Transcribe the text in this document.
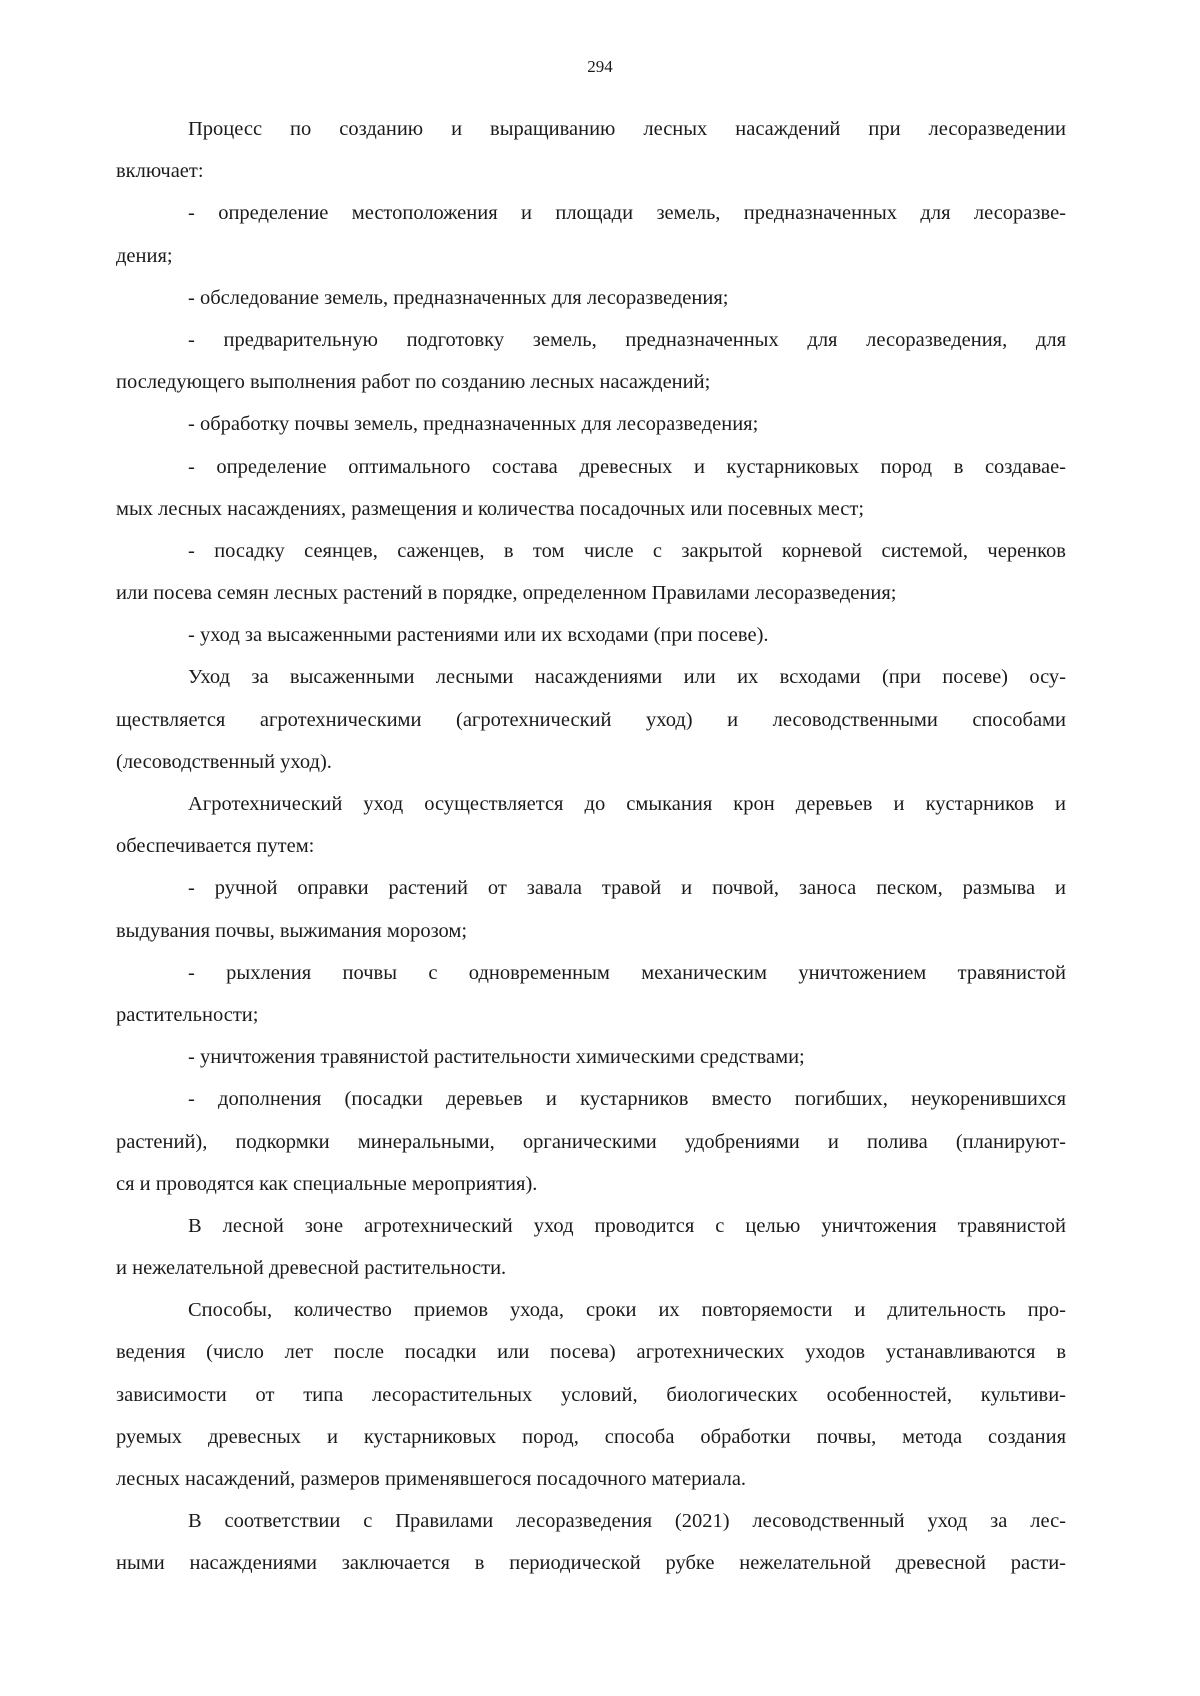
294
Процесс по созданию и выращиванию лесных насаждений при лесоразведении
включает:
- определение местоположения и площади земель, предназначенных для лесоразве-
дения;
- обследование земель, предназначенных для лесоразведения;
- предварительную подготовку земель, предназначенных для лесоразведения, для
последующего выполнения работ по созданию лесных насаждений;
- обработку почвы земель, предназначенных для лесоразведения;
- определение оптимального состава древесных и кустарниковых пород в создавае-
мых лесных насаждениях, размещения и количества посадочных или посевных мест;
- посадку сеянцев, саженцев, в том числе с закрытой корневой системой, черенков
или посева семян лесных растений в порядке, определенном Правилами лесоразведения;
- уход за высаженными растениями или их всходами (при посеве).
Уход за высаженными лесными насаждениями или их всходами (при посеве) осу-
ществляется агротехническими (агротехнический уход) и лесоводственными способами
(лесоводственный уход).
Агротехнический уход осуществляется до смыкания крон деревьев и кустарников и
обеспечивается путем:
- ручной оправки растений от завала травой и почвой, заноса песком, размыва и
выдувания почвы, выжимания морозом;
- рыхления почвы с одновременным механическим уничтожением травянистой
растительности;
- уничтожения травянистой растительности химическими средствами;
- дополнения (посадки деревьев и кустарников вместо погибших, неукоренившихся
растений), подкормки минеральными, органическими удобрениями и полива (планируют-
ся и проводятся как специальные мероприятия).
В лесной зоне агротехнический уход проводится с целью уничтожения травянистой
и нежелательной древесной растительности.
Способы, количество приемов ухода, сроки их повторяемости и длительность про-
ведения (число лет после посадки или посева) агротехнических уходов устанавливаются в
зависимости от типа лесорастительных условий, биологических особенностей, культиви-
руемых древесных и кустарниковых пород, способа обработки почвы, метода создания
лесных насаждений, размеров применявшегося посадочного материала.
В соответствии с Правилами лесоразведения (2021) лесоводственный уход за лес-
ными насаждениями заключается в периодической рубке нежелательной древесной расти-
